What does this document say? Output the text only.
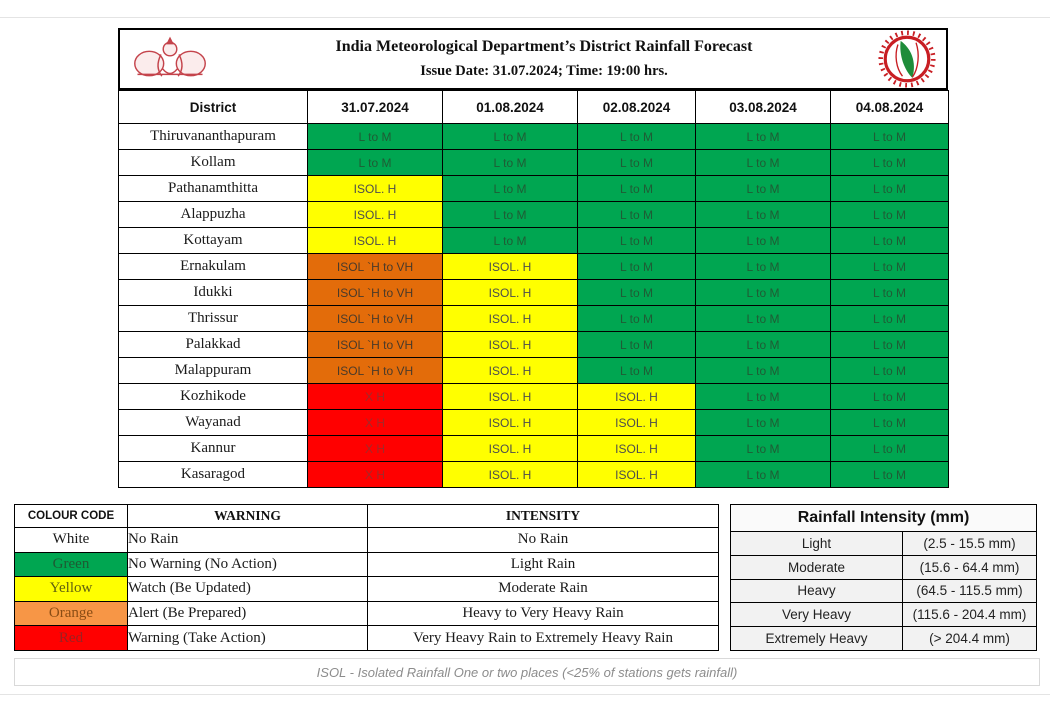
India Meteorological Department’s District Rainfall Forecast
Issue Date: 31.07.2024; Time: 19:00 hrs.
District	31.07.2024	01.08.2024	02.08.2024	03.08.2024	04.08.2024
Thiruvananthapuram	L to M	L to M	L to M	L to M	L to M
Kollam	L to M	L to M	L to M	L to M	L to M
Pathanamthitta	ISOL. H	L to M	L to M	L to M	L to M
Alappuzha	ISOL. H	L to M	L to M	L to M	L to M
Kottayam	ISOL. H	L to M	L to M	L to M	L to M
Ernakulam	ISOL `H to VH	ISOL. H	L to M	L to M	L to M
Idukki	ISOL `H to VH	ISOL. H	L to M	L to M	L to M
Thrissur	ISOL `H to VH	ISOL. H	L to M	L to M	L to M
Palakkad	ISOL `H to VH	ISOL. H	L to M	L to M	L to M
Malappuram	ISOL `H to VH	ISOL. H	L to M	L to M	L to M
Kozhikode	X H	ISOL. H	ISOL. H	L to M	L to M
Wayanad	X H	ISOL. H	ISOL. H	L to M	L to M
Kannur	X H	ISOL. H	ISOL. H	L to M	L to M
Kasaragod	X H	ISOL. H	ISOL. H	L to M	L to M
COLOUR CODE	WARNING	INTENSITY
White	No Rain	No Rain
Green	No Warning (No Action)	Light Rain
Yellow	Watch (Be Updated)	Moderate Rain
Orange	Alert (Be Prepared)	Heavy to Very Heavy Rain
Red	Warning (Take Action)	Very Heavy Rain to Extremely Heavy Rain
Rainfall Intensity (mm)	
Light	(2.5 - 15.5 mm)
Moderate	(15.6 - 64.4 mm)
Heavy	(64.5 - 115.5 mm)
Very Heavy	(115.6 - 204.4 mm)
Extremely Heavy	(> 204.4 mm)
ISOL - Isolated Rainfall One or two places (<25% of stations gets rainfall)
